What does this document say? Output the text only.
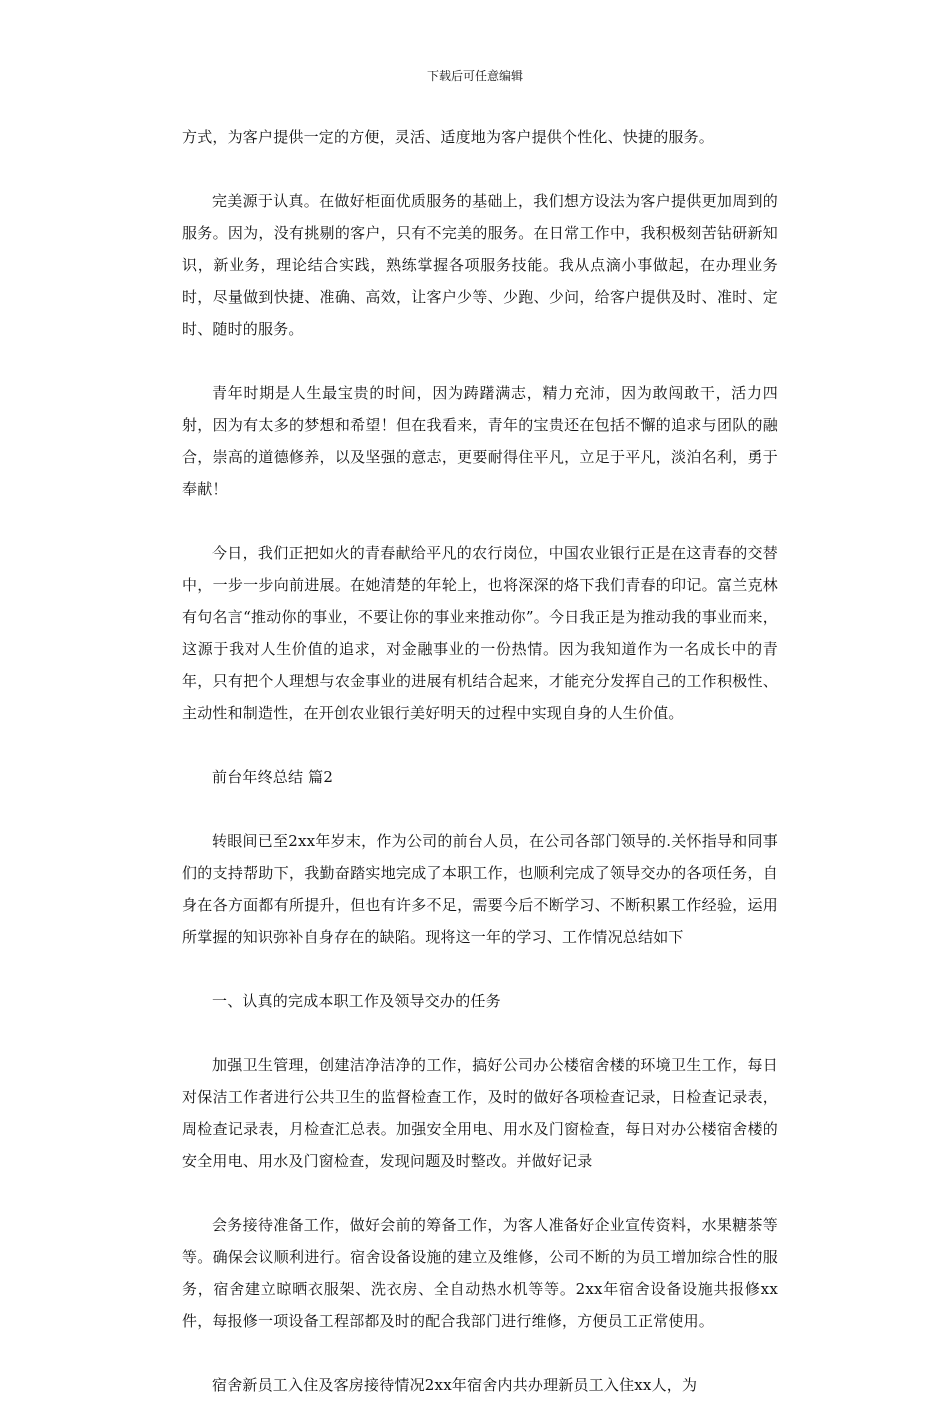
下载后可任意编辑

方式，为客户提供一定的方便，灵活、适度地为客户提供个性化、快捷的服务。

完美源于认真。在做好柜面优质服务的基础上，我们想方设法为客户提供更加周到的服务。因为，没有挑剔的客户，只有不完美的服务。在日常工作中，我积极刻苦钻研新知识，新业务，理论结合实践，熟练掌握各项服务技能。我从点滴小事做起，在办理业务时，尽量做到快捷、准确、高效，让客户少等、少跑、少问，给客户提供及时、准时、定时、随时的服务。

青年时期是人生最宝贵的时间，因为踌躇满志，精力充沛，因为敢闯敢干，活力四射，因为有太多的梦想和希望！但在我看来，青年的宝贵还在包括不懈的追求与团队的融合，崇高的道德修养，以及坚强的意志，更要耐得住平凡，立足于平凡，淡泊名利，勇于奉献！

今日，我们正把如火的青春献给平凡的农行岗位，中国农业银行正是在这青春的交替中，一步一步向前进展。在她清楚的年轮上，也将深深的烙下我们青春的印记。富兰克林有句名言“推动你的事业，不要让你的事业来推动你”。今日我正是为推动我的事业而来，这源于我对人生价值的追求，对金融事业的一份热情。因为我知道作为一名成长中的青年，只有把个人理想与农金事业的进展有机结合起来，才能充分发挥自己的工作积极性、主动性和制造性，在开创农业银行美好明天的过程中实现自身的人生价值。

前台年终总结 篇2

转眼间已至2xx年岁末，作为公司的前台人员，在公司各部门领导的.关怀指导和同事们的支持帮助下，我勤奋踏实地完成了本职工作，也顺利完成了领导交办的各项任务，自身在各方面都有所提升，但也有许多不足，需要今后不断学习、不断积累工作经验，运用所掌握的知识弥补自身存在的缺陷。现将这一年的学习、工作情况总结如下

一、认真的完成本职工作及领导交办的任务

加强卫生管理，创建洁净洁净的工作，搞好公司办公楼宿舍楼的环境卫生工作，每日对保洁工作者进行公共卫生的监督检查工作，及时的做好各项检查记录，日检查记录表，周检查记录表，月检查汇总表。加强安全用电、用水及门窗检查，每日对办公楼宿舍楼的安全用电、用水及门窗检查，发现问题及时整改。并做好记录

会务接待准备工作，做好会前的筹备工作，为客人准备好企业宣传资料，水果糖茶等等。确保会议顺利进行。宿舍设备设施的建立及维修，公司不断的为员工增加综合性的服务，宿舍建立晾晒衣服架、洗衣房、全自动热水机等等。2xx年宿舍设备设施共报修xx件，每报修一项设备工程部都及时的配合我部门进行维修，方便员工正常使用。

宿舍新员工入住及客房接待情况2xx年宿舍内共办理新员工入住xx人，为
